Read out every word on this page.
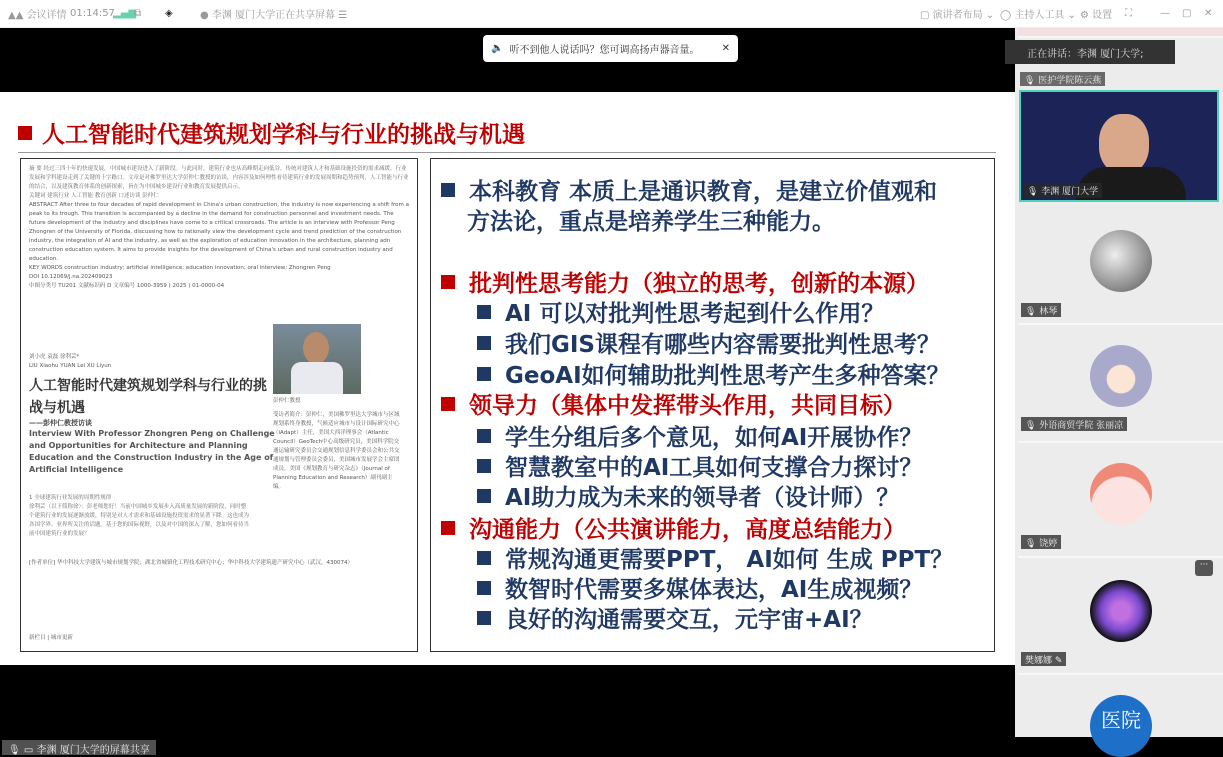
▲▲ 会议详情 01:14:57
▂▄▆
⧉ ◈	● 李渊 厦门大学正在共享屏幕 ☰	▢ 演讲者布局 ⌄ ◯ 主持人工具 ⌄ ⚙ 设置 ⛶	— ▢ ✕
人工智能时代建筑规划学科与行业的挑战与机遇
摘 要 经过三四十年的快速发展，中国城市建设进入了新阶段。与此同时，建筑行业也从高峰期走向低谷，传统对建筑人才和基础设施投资的需求减缓。行业发展和学科建设走到了关键的十字路口。文章是对佛罗里达大学彭仲仁教授的访谈，内容涉及如何理性看待建筑行业的发展周期和趋势预判，人工智能与行业的结合，以及建筑教育体系的创新探索，旨在为中国城乡建设行业和教育发展提供启示。
关键词 建筑行业 人工智能 教育创新 口述访谈 彭仲仁
ABSTRACT After three to four decades of rapid development in China's urban construction, the industry is now experiencing a shift from a peak to its trough. This transition is accompanied by a decline in the demand for construction personnel and investment needs. The future development of the industry and disciplines have come to a critical crossroads. The article is an interview with Professor Peng Zhongren of the University of Florida, discussing how to rationally view the development cycle and trend prediction of the construction industry, the integration of AI and the industry, as well as the exploration of education innovation in the architecture, planning adn construction education system. It aims to provide insights for the development of China's urban and rural construction industry and education.
KEY WORDS construction industry; artificial intelligence; education innovation; oral interview; Zhongren Peng
DOI 10.12069/j.na.202409023
中图分类号 TU201 文献标识码 D 文章编号 1000-3959 ( 2025 ) 01-0000-04
彭仲仁教授
刘小虎 袁磊 徐利芸*
LIU Xiaohu YUAN Lei XU Liyun
人工智能时代建筑规划学科与行业的挑战与机遇
——彭仲仁教授访谈
Interview With Professor Zhongren Peng on Challenge and Opportunities for Architecture and Planning Education and the Construction Industry in the Age of Artificial Intelligence
1 全球建筑行业发展的周期性规律
徐利芸（以下简称徐）：彭老师您好！当前中国城乡发展步入高质量发展的新阶段，同时整个建筑行业的发展逐渐放缓，特别是对人才需求和基础设施投资需求的显著下降。这也成为各国学界、业界所关注的话题。基于您的国际视野，以及对中国的深入了解，您如何看待当前中国建筑行业的发展？
受访者简介：彭仲仁，美国佛罗里达大学城市与区域规划系终身教授，气候适应城市与设计国际研究中心（iAdapt）主任，美国大西洋理事会（Atlantic Council）GeoTech中心高级研究员，美国科学院交通运输研究委员会交通规划信息科学委员会和公共交通规划与管理委员会委员，美国城市发展学会主席团成员，美国《规划教育与研究杂志》（Journal of Planning Education and Research）副刊副主编。
[作者单位] 华中科技大学建筑与城市规划学院；湖北省城镇化工程技术研究中心；华中科技大学建筑遗产研究中心（武汉，430074）
新栏目 | 城市更新
本科教育 本质上是通识教育，是建立价值观和
方法论，重点是培养学生三种能力。
批判性思考能力（独立的思考，创新的本源）
AI 可以对批判性思考起到什么作用？
我们GIS课程有哪些内容需要批判性思考？
GeoAI如何辅助批判性思考产生多种答案？
领导力（集体中发挥带头作用，共同目标）
学生分组后多个意见，如何AI开展协作？
智慧教室中的AI工具如何支撑合力探讨？
AI助力成为未来的领导者（设计师）？
沟通能力（公共演讲能力，高度总结能力）
常规沟通更需要PPT， AI如何 生成 PPT？
数智时代需要多媒体表达，AI生成视频？
良好的沟通需要交互，元宇宙+AI？
🎙 ▭ 李渊 厦门大学的屏幕共享
🔈 听不到他人说话吗？您可调高扬声器音量。	✕
🎙 医护学院陈云燕
🎙 林琴
🎙 外语商贸学院 张丽凉
🎙 饶婷
···
樊娜娜 ✎
医院
正在讲话：李渊 厦门大学;
🎙 李渊 厦门大学
